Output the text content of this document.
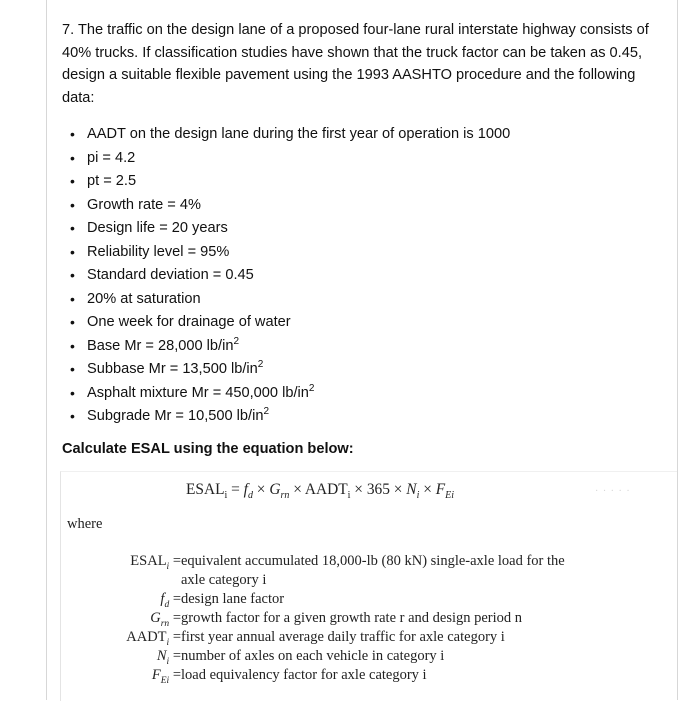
7. The traffic on the design lane of a proposed four-lane rural interstate highway consists of 40% trucks. If classification studies have shown that the truck factor can be taken as 0.45, design a suitable flexible pavement using the 1993 AASHTO procedure and the following data:
• AADT on the design lane during the first year of operation is 1000
• pi = 4.2
• pt = 2.5
• Growth rate = 4%
• Design life = 20 years
• Reliability level = 95%
• Standard deviation = 0.45
• 20% at saturation
• One week for drainage of water
• Base Mr = 28,000 $lb/in^2$
• Subbase Mr = 13,500 $lb/in^2$
• Asphalt mixture Mr = 450,000 $lb/in^2$
• Subgrade Mr = 10,500 $lb/in^2$
Calculate ESAL using the equation below:
$ESAL_i = f_d \times G_{rn}$ × $AADT_i \times 365 \times N_i \times F_{Ei}$	· · · · ·
where
$ESAL_i$ = equivalent accumulated 18,000-lb (80 kN) single-axle load for the
axle category i
$f_d$ = design lane factor
$G_{rn}$ = growth factor for a given growth rate r and design period n
$AADT_i$ = first year annual average daily traffic for axle category i
$N_i$ = number of axles on each vehicle in category i
$F_{Ei}$ = load equivalency factor for axle category i
